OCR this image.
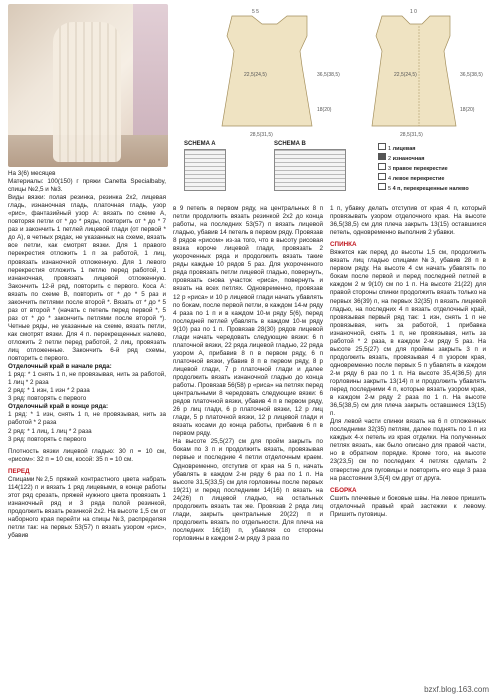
5 5	1 0
22,5(24,5)	22,5(24,5)
28,5(31,5)	28,5(31,5)
36,5(38,5)	36,5(38,5)
18(20)	18(20)
SCHEMA A	SCHEMA B
1 лицевая
2 изнаночная
3 правое перекрестие
4 левое перекрестие
5 4 п, перекрещенные налево

На 3(6) месяцев

Материалы: 100(150) г пряжи Canetta Specialbaby, спицы №2,5 и №3.

Виды вязки: полая резинка, резинка 2х2, лицевая гладь, изнаночная гладь, платочная гладь, узор «рис», фантазийный узор А: вязать по схеме А, повторяя петли от * до * ряды, повторить от * до * 7 раз и закончить 1 петлей лицевой глади (от первой * до А), в четных рядах, не указанных на схеме, вязать все петли, как смотрят вязки. Для 1 правого перекрестия отложить 1 п за работой, 1 лиц, провязать изнаночной отложенную. Для 1 левого перекрестия отложить 1 петлю перед работой, 1 изнаночная, провязать лицевой отложенную. Закончить 12-й ряд, повторить с первого. Коса А: вязать по схеме В, повторить от * до * 5 раз и закончить петлями после второй *. Вязать от * до * 5 раз от второй * (начать с петель перед первой *, 5 раз от * до * закончить петлями после второй *). Четные ряды, не указанные на схеме, вязать петли, как смотрят вязки. Для 4 п. перекрещенных налево, отложить 2 петли перед работой, 2 лиц, провязать лиц отложенные. Закончить 6-й ряд схемы, повторить с первого.

Отделочный край в начале ряда:

1 ряд: * 1 снять 1 п, не провязывая, нить за работой, 1 лиц * 2 раза

2 ряд: * 1 изн, 1 изн * 2 раза

3 ряд: повторять с первого

Отделочный край в конце ряда:

1 ряд: * 1 изн, снять 1 п, не провязывая, нить за работой * 2 раза

2 ряд: * 1 лиц, 1 лиц * 2 раза

3 ряд: повторять с первого

Плотность вязки лицевой гладью: 30 п = 10 см, «рисом»: 32 п = 10 см, косой: 35 п = 10 см.

ПЕРЕД

Спицами№2,5 пряжей контрастного цвета набрать 114(122) п и вязать 1 ряд лицевыми, в конце работы этот ряд срезать, пряжей нужного цвета провязать 1 изнаночный ряд и 3 ряда полой резинкой, продолжить вязать резинкой 2х2. На высоте 1,5 см от наборного края перейти на спицы №3, распределяя петли так: на первых 53(57) п вязать узором «рис», убавив

в 9 петель в первом ряду, на центральных 8 п петли продолжить вязать резинкой 2х2 до конца работы, на последних 53(57) п вязать лицевой гладью, убавив 14 петель в первом ряду. Провязав 8 рядов «рисом» из-за того, что в высоту рисовая вязка короче лицевой глади, провязать 2 укороченных ряда и продолжить вязать такие ряды каждые 10 рядов 5 раз. Для укороченного ряда провязать петли лицевой гладью, повернуть, провязать снова участок «риса», повернуть и вязать на всех петлях. Одновременно, провязав 12 р «риса» и 10 р лицевой глади начать убавлять по бокам, после первой петли, в каждом 14-м ряду 4 раза по 1 п и в каждом 10-м ряду 5(6), перед последней петлей убавлять в каждом 10-м ряду 9(10) раз по 1 п. Провязав 28(30) рядов лицевой глади начать чередовать следующие вязки: 6 п платочной вязки, 22 ряда лицевой гладью, 22 ряда узором А, прибавив 8 п в первом ряду, 6 п платочной вязки, убавив 8 п в первом ряду, 8 р лицевой глади, 7 р платочной глади и далее продолжить вязать изнаночной гладью до конца работы. Провязав 56(58) р «риса» на петлях перед центральными 8 чередовать следующие вязки: 6 рядов платочной вязки, убавив 4 п в первом ряду, 26 р лиц глади, 6 р платочной вязки, 12 р лиц глади, 5 р платочной вязки, 12 р лицевой глади и вязать косами до конца работы, прибавив 6 п в первом ряду.

На высоте 25,5(27) см для пройм закрыть по бокам по 3 п и продолжить вязать, провязывая первые и последние 4 петли отделочным краем. Одновременно, отступив от края на 5 п, начать убавлять в каждом 2-м ряду 6 раз по 1 п. На высоте 31,5(33,5) см для горловины после первых 19(21) и перед последними 14(16) п вязать на 24(26) п лицевой гладью, на остальных продолжить вязать так же. Провязав 2 ряда лиц глади, закрыть центральные 20(22) п и продолжить вязать по отдельности. Для плеча на последних 16(18) п, убавляя со стороны горловины в каждом 2-м ряду 3 раза по

1 п, убавку делать отступив от края 4 п, который провязывать узором отделочного края. На высоте 36,5(38,5) см для плеча закрыть 13(15) оставшихся петель, одновременно выполнив 2 убавки.

СПИНКА

Вяжется как перед до высоты 1,5 см, продолжить вязать лиц гладью спицами №3, убавив 28 п в первом ряду. На высоте 4 см начать убавлять по бокам после первой и перед последней петлей в каждом 2 м 9(10) см по 1 п. На высоте 21(22) для правой стороны спинки продолжить вязать только на первых 36(39) п, на первых 32(35) п вязать лицевой гладью, на последних 4 п вязать отделочный край, провязывая первый ряд так: 1 изн, снять 1 п не провязывая, нить за работой, 1 прибавка изнаночной, снять 1 п, не провязывая, нить за работой * 2 раза, в каждом 2-м ряду 5 раз. На высоте 25,5(27) см для проймы закрыть 3 п и продолжить вязать, провязывая 4 п узором края, одновременно после первых 5 п убавлять в каждом 2-м ряду 6 раз по 1 п. На высоте 35,4(36,5) для горловины закрыть 13(14) п и продолжить убавлять перед последними 4 п, которые вязать узором края, в каждом 2-м ряду 2 раза по 1 п. На высоте 36,5(38,5) см для плеча закрыть оставшиеся 13(15) п.

Для левой части спинки вязать на 6 п отложенных последними 32(35) петлям, далее поднять по 1 п из каждых 4-х петель из края отделки. На полученных петлях вязать, как было описано для правой части, но в обратном порядке. Кроме того, на высоте 23(23,5) см по последних 4 петлях сделать 2 отверстие для пуговицы и повторить его еще 3 раза на расстоянии 3,5(4) см друг от друга.

СБОРКА

Сшить плечевые и боковые швы. На левое пришить отделочный правый край застежки к левому. Пришить пуговицы.

bzxf.blog.163.com
